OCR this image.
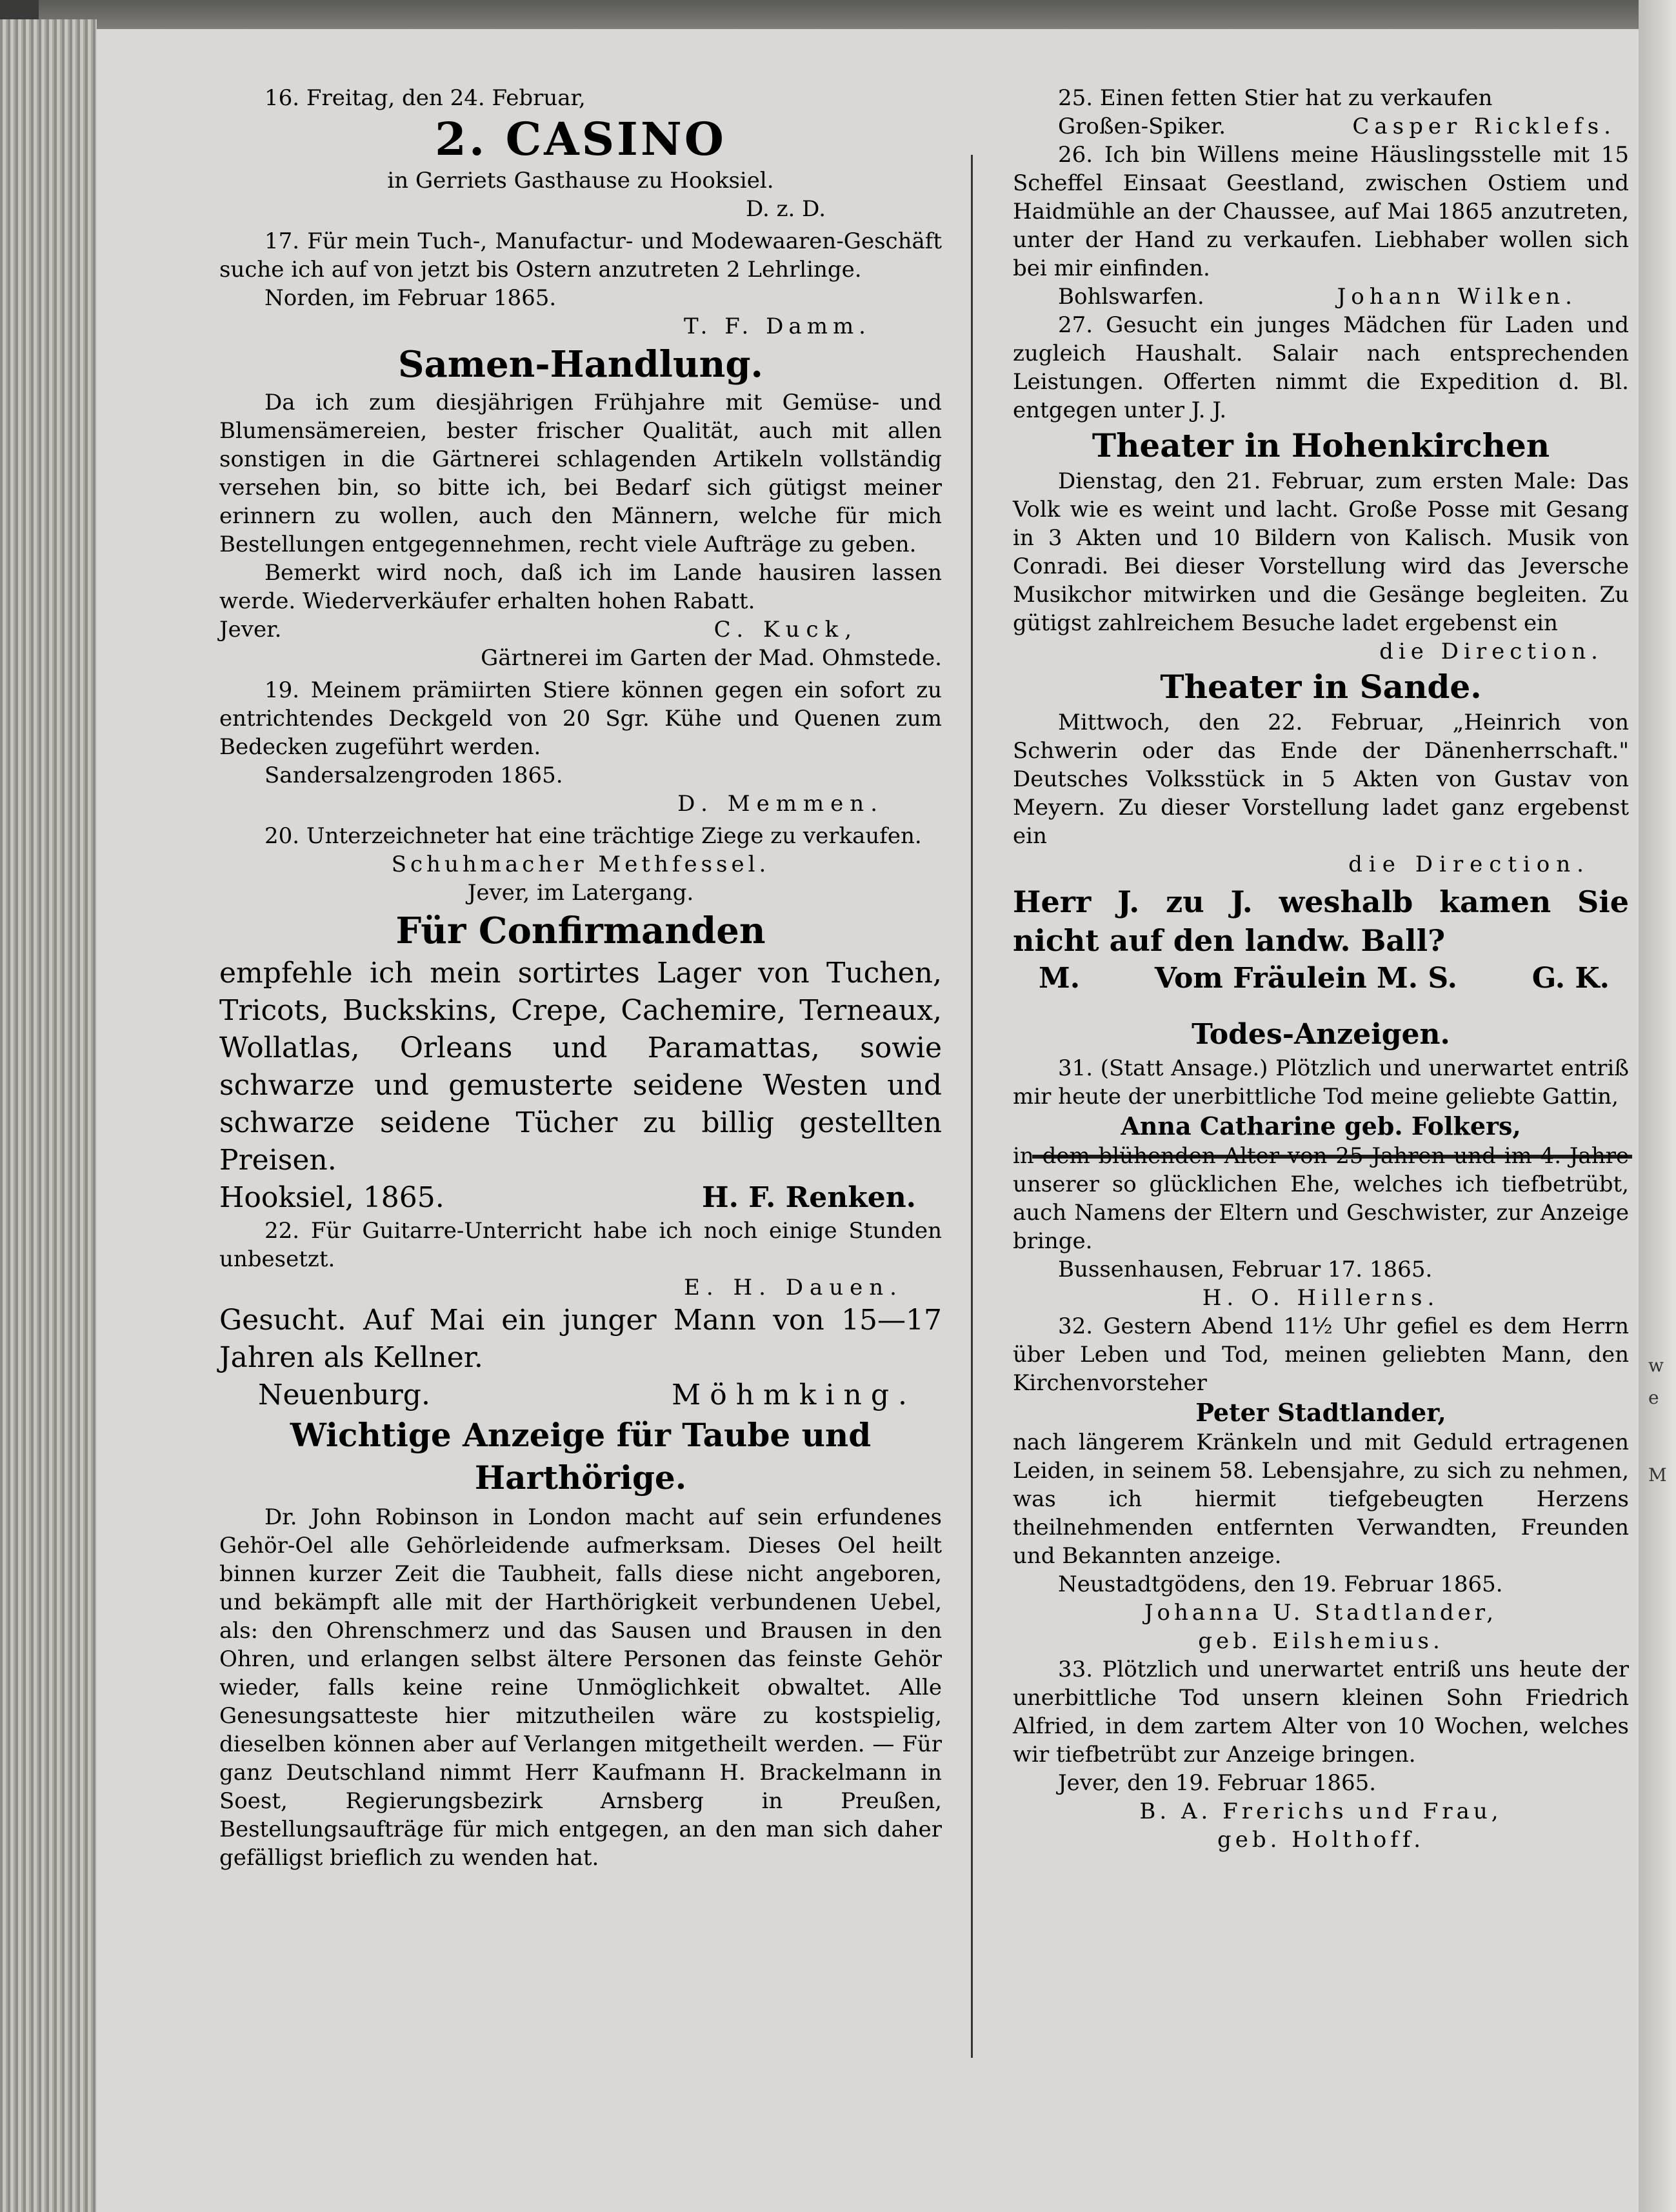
e
w
M

16. Freitag, den 24. Februar,

2. CASINO

in Gerriets Gasthause zu Hooksiel.

D. z. D.

17. Für mein Tuch-, Manufactur- und Modewaaren-Geschäft suche ich auf von jetzt bis Ostern anzutreten 2 Lehrlinge.

Norden, im Februar 1865.

T. F. Damm.

Samen-Handlung.

Da ich zum diesjährigen Frühjahre mit Gemüse- und Blumensämereien, bester frischer Qualität, auch mit allen sonstigen in die Gärtnerei schlagenden Artikeln vollständig versehen bin, so bitte ich, bei Bedarf sich gütigst meiner erinnern zu wollen, auch den Männern, welche für mich Bestellungen entgegennehmen, recht viele Aufträge zu geben.

Bemerkt wird noch, daß ich im Lande hausiren lassen werde. Wiederverkäufer erhalten hohen Rabatt.

Jever.	C. Kuck,

Gärtnerei im Garten der Mad. Ohmstede.

19. Meinem prämiirten Stiere können gegen ein sofort zu entrichtendes Deckgeld von 20 Sgr. Kühe und Quenen zum Bedecken zugeführt werden.

Sandersalzengroden 1865.

D. Memmen.

20. Unterzeichneter hat eine trächtige Ziege zu verkaufen.

Schuhmacher Methfessel.

Jever, im Latergang.

Für Confirmanden

empfehle ich mein sortirtes Lager von Tuchen, Tricots, Buckskins, Crepe, Cachemire, Terneaux, Wollatlas, Orleans und Paramattas, sowie schwarze und gemusterte seidene Westen und schwarze seidene Tücher zu billig gestellten Preisen.

Hooksiel, 1865.	H. F. Renken.

22. Für Guitarre-Unterricht habe ich noch einige Stunden unbesetzt.

E. H. Dauen.

Gesucht. Auf Mai ein junger Mann von 15—17 Jahren als Kellner.

Neuenburg.	Möhmking.

Wichtige Anzeige für Taube und Harthörige.

Dr. John Robinson in London macht auf sein erfundenes Gehör-Oel alle Gehörleidende aufmerksam. Dieses Oel heilt binnen kurzer Zeit die Taubheit, falls diese nicht angeboren, und bekämpft alle mit der Harthörigkeit verbundenen Uebel, als: den Ohrenschmerz und das Sausen und Brausen in den Ohren, und erlangen selbst ältere Personen das feinste Gehör wieder, falls keine reine Unmöglichkeit obwaltet. Alle Genesungsatteste hier mitzutheilen wäre zu kostspielig, dieselben können aber auf Verlangen mitgetheilt werden. — Für ganz Deutschland nimmt Herr Kaufmann H. Brackelmann in Soest, Regierungsbezirk Arnsberg in Preußen, Bestellungsaufträge für mich entgegen, an den man sich daher gefälligst brieflich zu wenden hat.

25. Einen fetten Stier hat zu verkaufen

Großen-Spiker.	Casper Ricklefs.

26. Ich bin Willens meine Häuslingsstelle mit 15 Scheffel Einsaat Geestland, zwischen Ostiem und Haidmühle an der Chaussee, auf Mai 1865 anzutreten, unter der Hand zu verkaufen. Liebhaber wollen sich bei mir einfinden.

Bohlswarfen.	Johann Wilken.

27. Gesucht ein junges Mädchen für Laden und zugleich Haushalt. Salair nach entsprechenden Leistungen. Offerten nimmt die Expedition d. Bl. entgegen unter J. J.

Theater in Hohenkirchen

Dienstag, den 21. Februar, zum ersten Male: Das Volk wie es weint und lacht. Große Posse mit Gesang in 3 Akten und 10 Bildern von Kalisch. Musik von Conradi. Bei dieser Vorstellung wird das Jeversche Musikchor mitwirken und die Gesänge begleiten. Zu gütigst zahlreichem Besuche ladet ergebenst ein

die Direction.

Theater in Sande.

Mittwoch, den 22. Februar, „Heinrich von Schwerin oder das Ende der Dänenherrschaft." Deutsches Volksstück in 5 Akten von Gustav von Meyern. Zu dieser Vorstellung ladet ganz ergebenst ein

die Direction.

Herr J. zu J. weshalb kamen Sie nicht auf den landw. Ball?

M.	Vom Fräulein M. S.	G. K.

Todes-Anzeigen.

31. (Statt Ansage.) Plötzlich und unerwartet entriß mir heute der unerbittliche Tod meine geliebte Gattin,

Anna Catharine geb. Folkers,

in dem blühenden Alter von 25 Jahren und im 4. Jahre unserer so glücklichen Ehe, welches ich tiefbetrübt, auch Namens der Eltern und Geschwister, zur Anzeige bringe.

Bussenhausen, Februar 17. 1865.

H. O. Hillerns.

32. Gestern Abend 11½ Uhr gefiel es dem Herrn über Leben und Tod, meinen geliebten Mann, den Kirchenvorsteher

Peter Stadtlander,

nach längerem Kränkeln und mit Geduld ertragenen Leiden, in seinem 58. Lebensjahre, zu sich zu nehmen, was ich hiermit tiefgebeugten Herzens theilnehmenden entfernten Verwandten, Freunden und Bekannten anzeige.

Neustadtgödens, den 19. Februar 1865.

Johanna U. Stadtlander,

geb. Eilshemius.

33. Plötzlich und unerwartet entriß uns heute der unerbittliche Tod unsern kleinen Sohn Friedrich Alfried, in dem zartem Alter von 10 Wochen, welches wir tiefbetrübt zur Anzeige bringen.

Jever, den 19. Februar 1865.

B. A. Frerichs und Frau,

geb. Holthoff.
